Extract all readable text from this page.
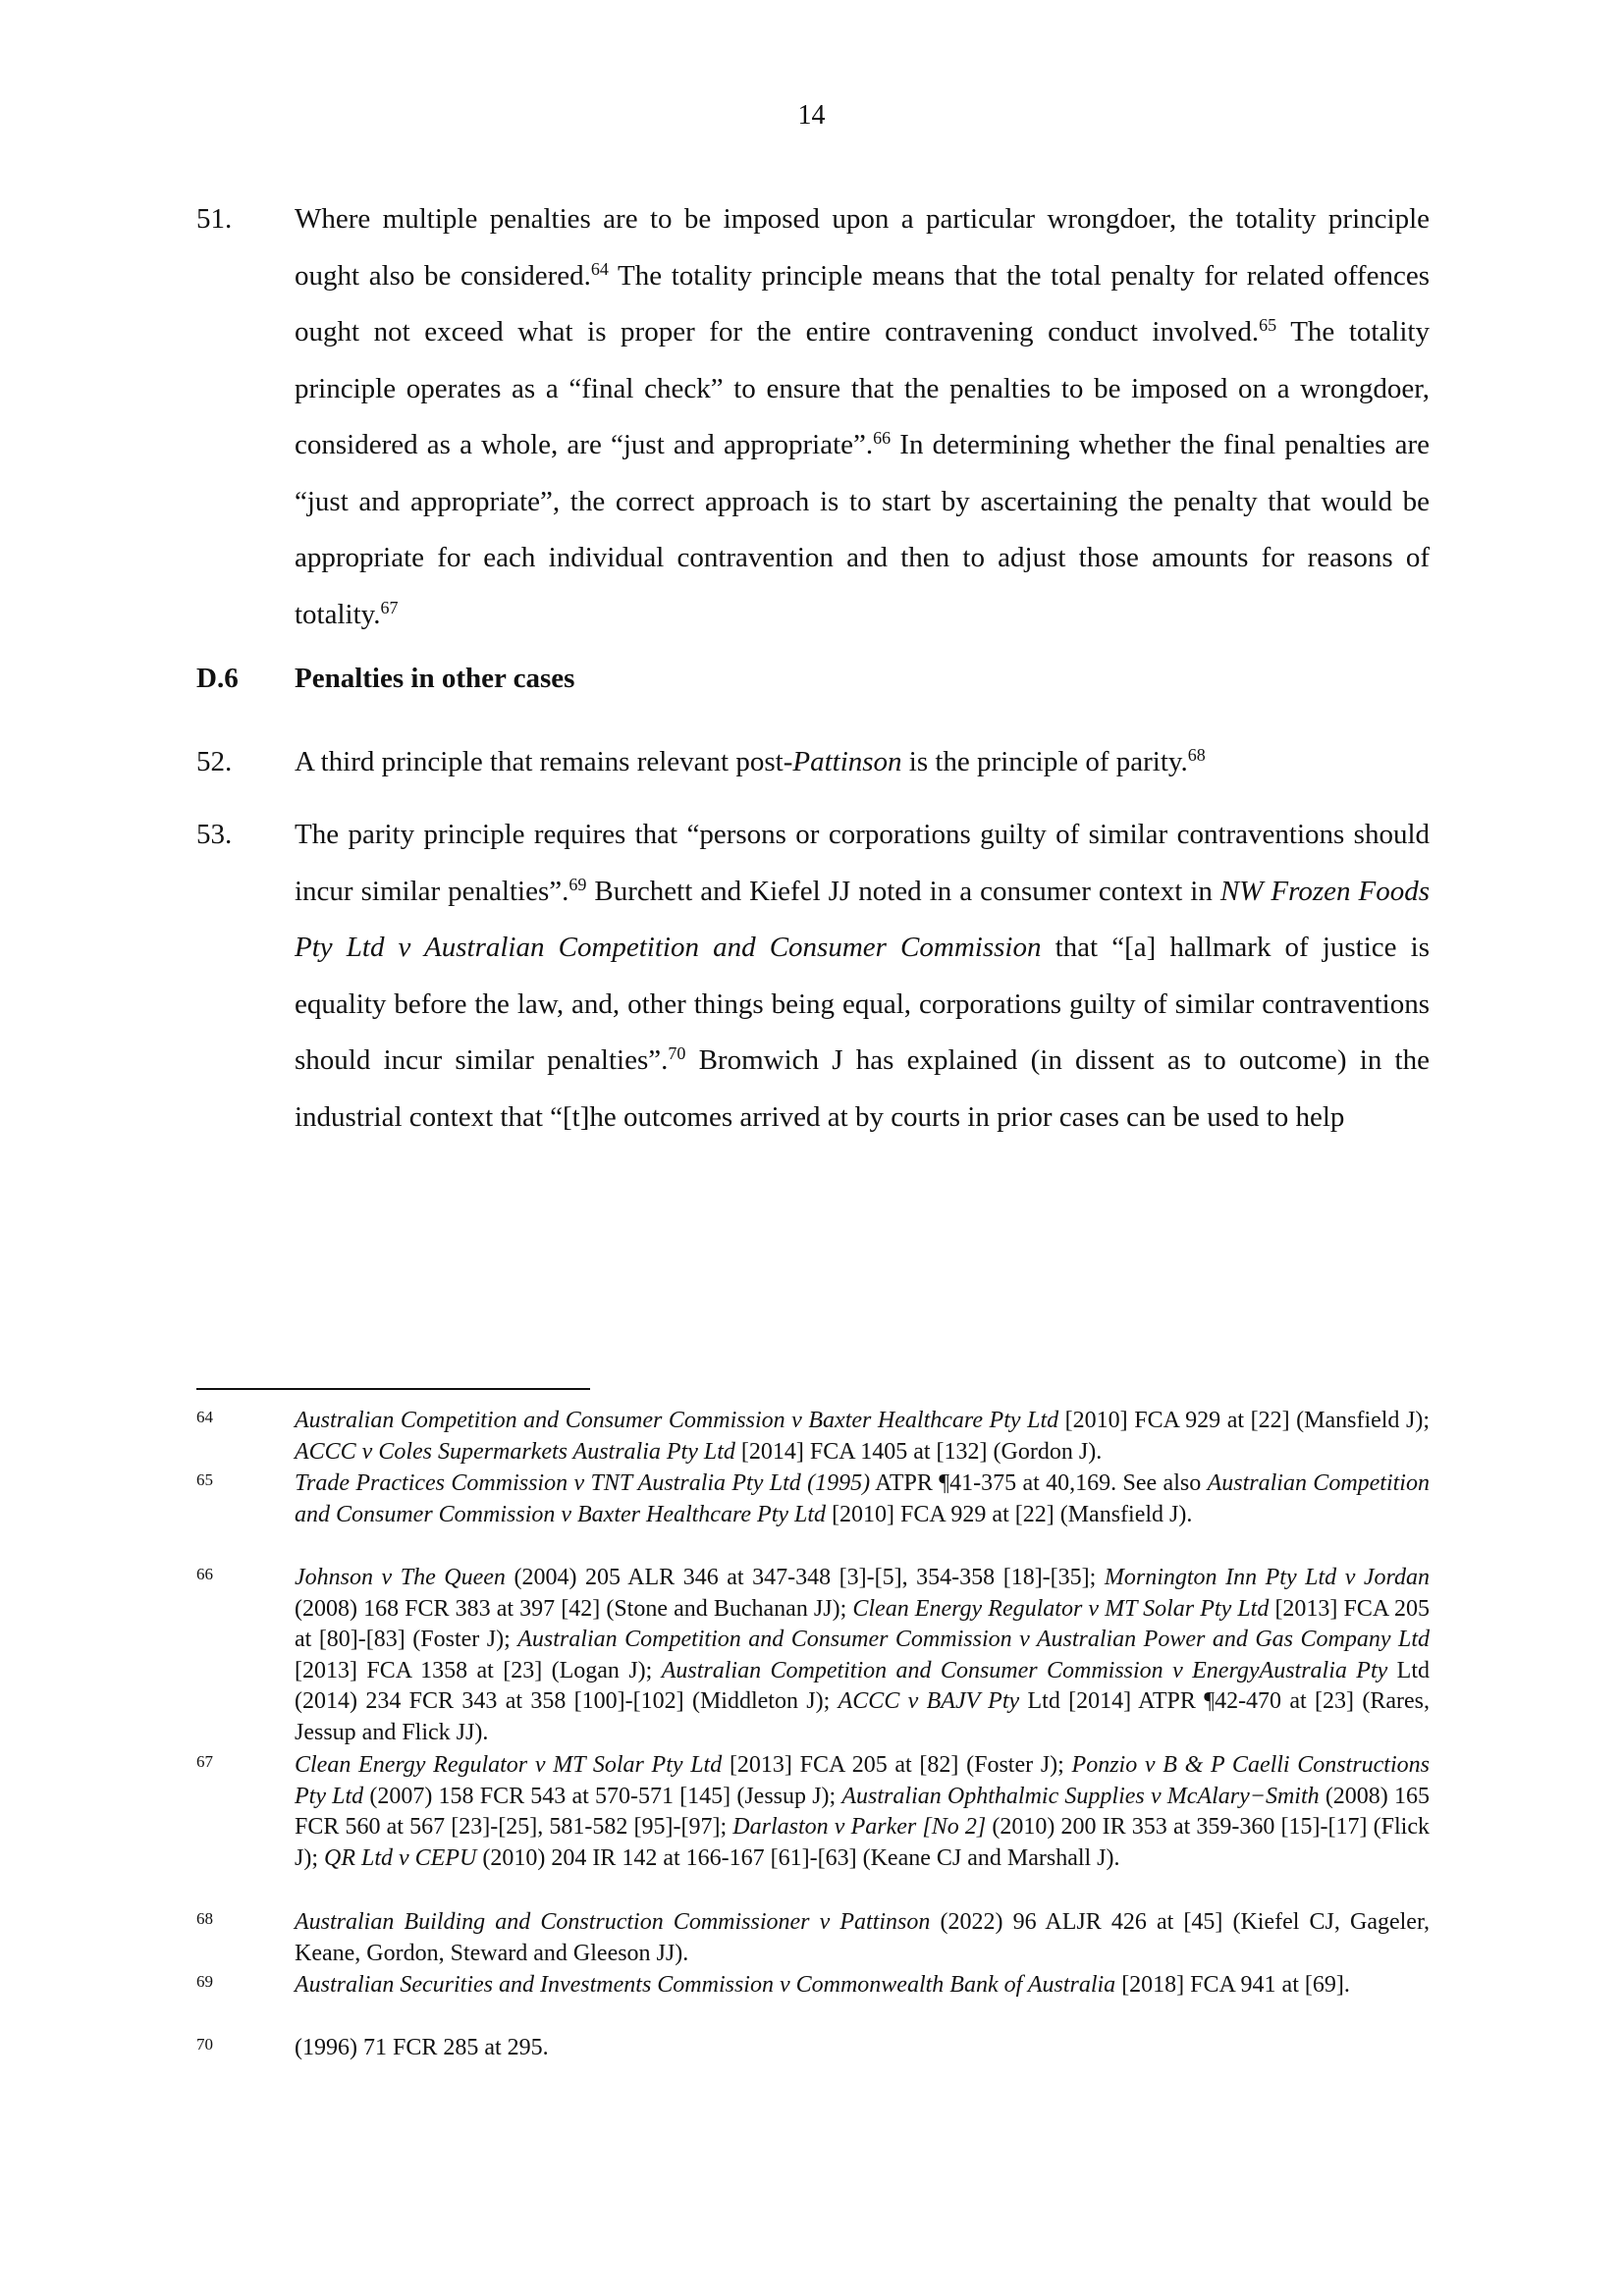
14
51.	Where multiple penalties are to be imposed upon a particular wrongdoer, the totality principle ought also be considered.$^{64}$ The totality principle means that the total penalty for related offences ought not exceed what is proper for the entire contravening conduct involved.$^{65}$ The totality principle operates as a “final check” to ensure that the penalties to be imposed on a wrongdoer, considered as a whole, are “just and appropriate”.$^{66}$ In determining whether the final penalties are “just and appropriate”, the correct approach is to start by ascertaining the penalty that would be appropriate for each individual contravention and then to adjust those amounts for reasons of totality.$^{67}$
D.6	Penalties in other cases
52.	A third principle that remains relevant post-Pattinson is the principle of parity.$^{68}$
53.	The parity principle requires that “persons or corporations guilty of similar contraventions should incur similar penalties”.$^{69}$ Burchett and Kiefel JJ noted in a consumer context in NW Frozen Foods Pty Ltd v Australian Competition and Consumer Commission that “[a] hallmark of justice is equality before the law, and, other things being equal, corporations guilty of similar contraventions should incur similar penalties”.$^{70}$ Bromwich J has explained (in dissent as to outcome) in the industrial context that “[t]he outcomes arrived at by courts in prior cases can be used to help
64	Australian Competition and Consumer Commission v Baxter Healthcare Pty Ltd [2010] FCA 929 at [22] (Mansfield J); ACCC v Coles Supermarkets Australia Pty Ltd [2014] FCA 1405 at [132] (Gordon J).
65	Trade Practices Commission v TNT Australia Pty Ltd (1995) ATPR ¶41-375 at 40,169. See also Australian Competition and Consumer Commission v Baxter Healthcare Pty Ltd [2010] FCA 929 at [22] (Mansfield J).
66	Johnson v The Queen (2004) 205 ALR 346 at 347-348 [3]-[5], 354-358 [18]-[35]; Mornington Inn Pty Ltd v Jordan (2008) 168 FCR 383 at 397 [42] (Stone and Buchanan JJ); Clean Energy Regulator v MT Solar Pty Ltd [2013] FCA 205 at [80]-[83] (Foster J); Australian Competition and Consumer Commission v Australian Power and Gas Company Ltd [2013] FCA 1358 at [23] (Logan J); Australian Competition and Consumer Commission v EnergyAustralia Pty Ltd (2014) 234 FCR 343 at 358 [100]-[102] (Middleton J); ACCC v BAJV Pty Ltd [2014] ATPR ¶42-470 at [23] (Rares, Jessup and Flick JJ).
67	Clean Energy Regulator v MT Solar Pty Ltd [2013] FCA 205 at [82] (Foster J); Ponzio v B & P Caelli Constructions Pty Ltd (2007) 158 FCR 543 at 570-571 [145] (Jessup J); Australian Ophthalmic Supplies v McAlary−Smith (2008) 165 FCR 560 at 567 [23]-[25], 581-582 [95]-[97]; Darlaston v Parker [No 2] (2010) 200 IR 353 at 359-360 [15]-[17] (Flick J); QR Ltd v CEPU (2010) 204 IR 142 at 166-167 [61]-[63] (Keane CJ and Marshall J).
68	Australian Building and Construction Commissioner v Pattinson (2022) 96 ALJR 426 at [45] (Kiefel CJ, Gageler, Keane, Gordon, Steward and Gleeson JJ).
69	Australian Securities and Investments Commission v Commonwealth Bank of Australia [2018] FCA 941 at [69].
70	(1996) 71 FCR 285 at 295.
